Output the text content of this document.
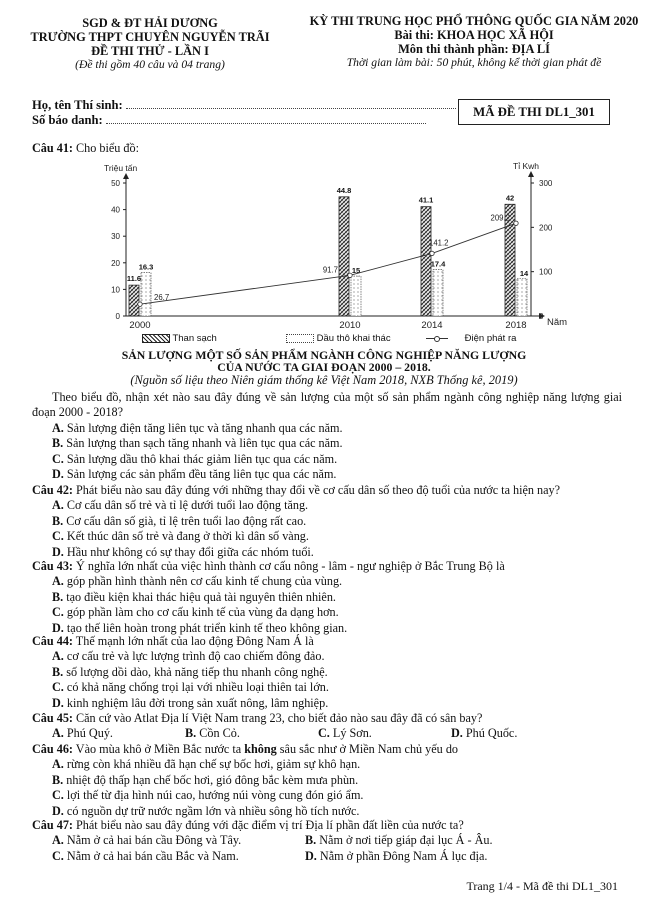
SGD & ĐT HẢI DƯƠNG
TRƯỜNG THPT CHUYÊN NGUYỄN TRÃI
ĐỀ THI THỬ - LẦN I
(Đề thi gồm 40 câu và 04 trang)
KỲ THI TRUNG HỌC PHỔ THÔNG QUỐC GIA NĂM 2020
Bài thi: KHOA HỌC XÃ HỘI
Môn thi thành phần: ĐỊA LÍ
Thời gian làm bài: 50 phút, không kể thời gian phát đề
Họ, tên Thí sinh:
Số báo danh:
MÃ ĐỀ THI DL1_301
Câu 41: Cho biểu đồ:
Triệu tấn	Tỉ Kwh
Năm
0
10
20
30
40
50
0
100
200
300
2000	2010	2014	2018
11.6
16.3
44.8
15
41.1
17.4
42
14
26.7
91.7
141.2
209.2
Than sạch	Dầu thô khai thác	Điện phát ra
SẢN LƯỢNG MỘT SỐ SẢN PHẨM NGÀNH CÔNG NGHIỆP NĂNG LƯỢNG
CỦA NƯỚC TA GIAI ĐOẠN 2000 – 2018.
(Nguồn số liệu theo Niên giám thống kê Việt Nam 2018, NXB Thống kê, 2019)
Theo biểu đồ, nhận xét nào sau đây đúng về sản lượng của một số sản phẩm ngành công nghiệp năng lượng giai đoạn 2000 - 2018?
A. Sản lượng điện tăng liên tục và tăng nhanh qua các năm.
B. Sản lượng than sạch tăng nhanh và liên tục qua các năm.
C. Sản lượng dầu thô khai thác giảm liên tục qua các năm.
D. Sản lượng các sản phẩm đều tăng liên tục qua các năm.
Câu 42: Phát biểu nào sau đây đúng với những thay đổi về cơ cấu dân số theo độ tuổi của nước ta hiện nay?
A. Cơ cấu dân số trẻ và tỉ lệ dưới tuổi lao động tăng.
B. Cơ cấu dân số già, tỉ lệ trên tuổi lao động rất cao.
C. Kết thúc dân số trẻ và đang ở thời kì dân số vàng.
D. Hầu như không có sự thay đổi giữa các nhóm tuổi.
Câu 43: Ý nghĩa lớn nhất của việc hình thành cơ cấu nông - lâm - ngư nghiệp ở Bắc Trung Bộ là
A. góp phần hình thành nên cơ cấu kinh tế chung của vùng.
B. tạo điều kiện khai thác hiệu quả tài nguyên thiên nhiên.
C. góp phần làm cho cơ cấu kinh tế của vùng đa dạng hơn.
D. tạo thế liên hoàn trong phát triển kinh tế theo không gian.
Câu 44: Thế mạnh lớn nhất của lao động Đông Nam Á là
A. cơ cấu trẻ và lực lượng trình độ cao chiếm đông đảo.
B. số lượng dồi dào, khả năng tiếp thu nhanh công nghệ.
C. có khả năng chống trọi lại với nhiều loại thiên tai lớn.
D. kinh nghiệm lâu đời trong sản xuất nông, lâm nghiệp.
Câu 45: Căn cứ vào Atlat Địa lí Việt Nam trang 23, cho biết đảo nào sau đây đã có sân bay?
A. Phú Quý.	B. Cồn Cỏ.	C. Lý Sơn.	D. Phú Quốc.
Câu 46: Vào mùa khô ở Miền Bắc nước ta không sâu sắc như ở Miền Nam chủ yếu do
A. rừng còn khá nhiều đã hạn chế sự bốc hơi, giảm sự khô hạn.
B. nhiệt độ thấp hạn chế bốc hơi, gió đông bắc kèm mưa phùn.
C. lợi thế từ địa hình núi cao, hướng núi vòng cung đón gió ẩm.
D. có nguồn dự trữ nước ngầm lớn và nhiều sông hồ tích nước.
Câu 47: Phát biểu nào sau đây đúng với đặc điểm vị trí Địa lí phần đất liền của nước ta?
A. Nằm ở cả hai bán cầu Đông và Tây.	B. Nằm ở nơi tiếp giáp đại lục Á - Âu.
C. Nằm ở cả hai bán cầu Bắc và Nam.	D. Nằm ở phần Đông Nam Á lục địa.
Trang 1/4 - Mã đề thi DL1_301
